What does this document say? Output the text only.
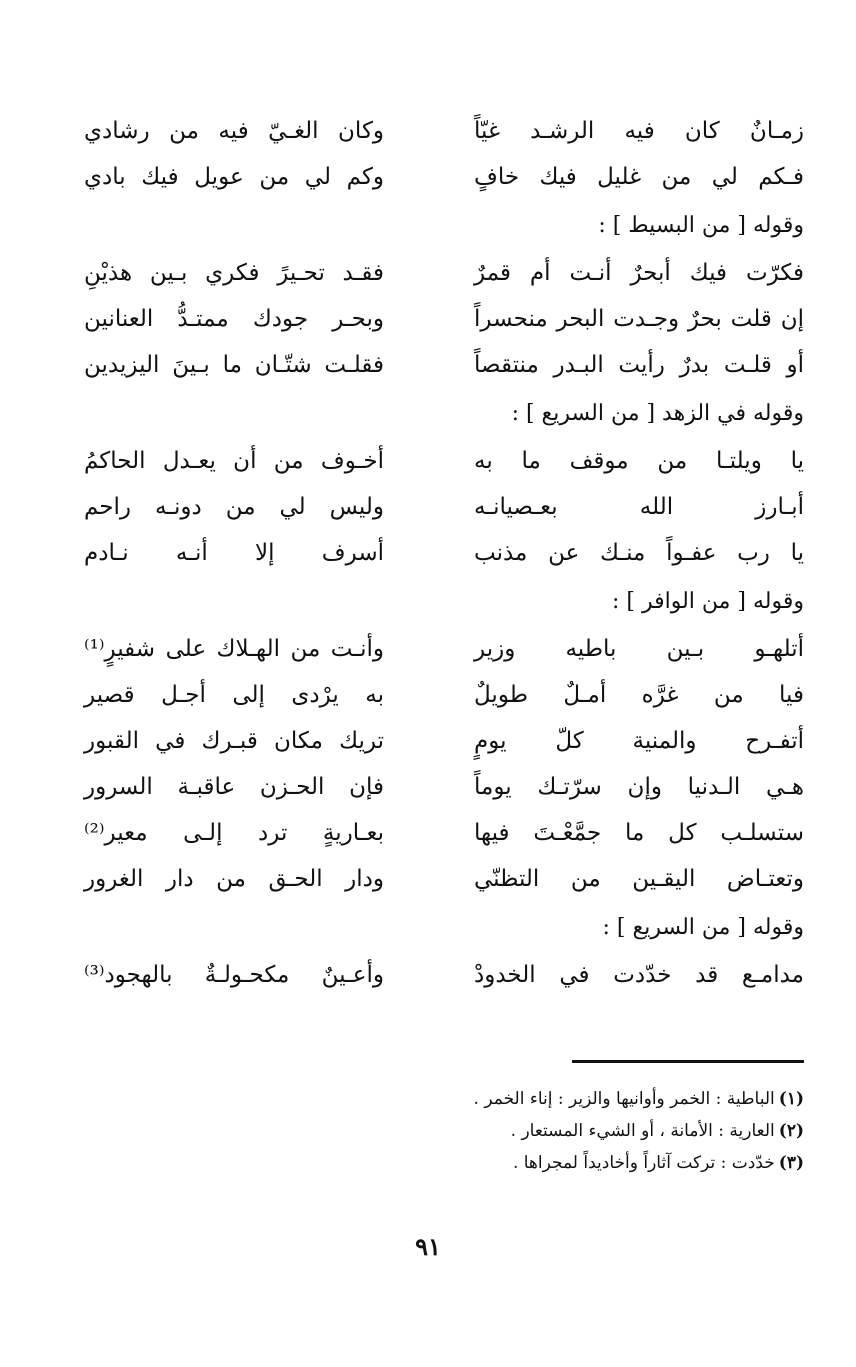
زمـانٌ كان فيه الرشـد غيّاً
وكان الغـيّ فيه من رشادي
فـكم لي من غليل فيك خافٍ
وكم لي من عويل فيك بادي
وقوله [ من البسيط ] :
فكرّت فيك أبحرٌ أنـت أم قمرٌ
فقـد تحـيرً فكري بـين هذيْنِ
إن قلت بحرٌ وجـدت البحر منحسراً
وبحـر جودك ممتـدُّ العنانين
أو قلـت بدرٌ رأيت البـدر منتقصاً
فقلـت شتّـان ما بـينَ اليزيدين
وقوله في الزهد [ من السريع ] :
يا ويلتـا من موقف ما به
أخـوف من أن يعـدل الحاكمُ
أبـارز الله بعـصيانـه
وليس لي من دونـه راحم
يا رب عفـواً منـك عن مذنب
أسرف إلا أنـه نـادم
وقوله [ من الوافر ] :
أتلهـو بـين باطيه وزير
وأنـت من الهـلاك على شفيرٍ⁽¹⁾
فيا من غرَّه أمـلٌ طويلٌ
به يرْدى إلى أجـل قصير
أتفـرح والمنية كلّ يومٍ
تريك مكان قبـرك في القبور
هـي الـدنيا وإن سرّتـك يوماً
فإن الحـزن عاقبـة السرور
ستسلـب كل ما جمَّعْـتَ فيها
بعـاريةٍ ترد إلـى معير⁽²⁾
وتعتـاض اليقـين من التظنّي
ودار الحـق من دار الغرور
وقوله [ من السريع ] :
مدامـع قد خدّدت في الخدودْ
وأعـينٌ مكحـولـةٌ بالهجود⁽³⁾
(١)
الباطية : الخمر وأوانيها والزير : إناء الخمر .
(٢)
العارية : الأمانة ، أو الشيء المستعار .
(٣)
خدّدت : تركت آثاراً وأخاديداً لمجراها .
٩١
